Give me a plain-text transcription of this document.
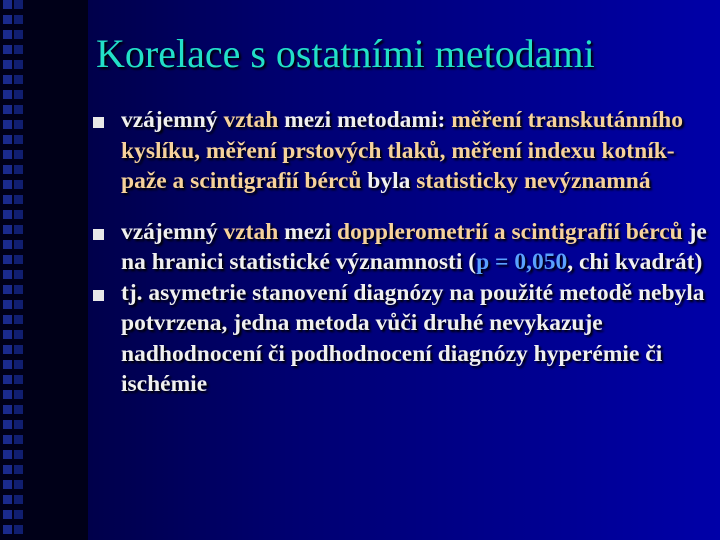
Korelace s ostatními metodami
vzájemný vztah mezi metodami: měření transkutánního kyslíku, měření prstových tlaků, měření indexu kotník-paže a scintigrafií bérců byla statisticky nevýznamná
vzájemný vztah mezi dopplerometrií a scintigrafií bérců je na hranici statistické významnosti (p = 0,050, chi kvadrát)
tj. asymetrie stanovení diagnózy na použité metodě nebyla potvrzena, jedna metoda vůči druhé nevykazuje nadhodnocení či podhodnocení diagnózy hyperémie či ischémie
